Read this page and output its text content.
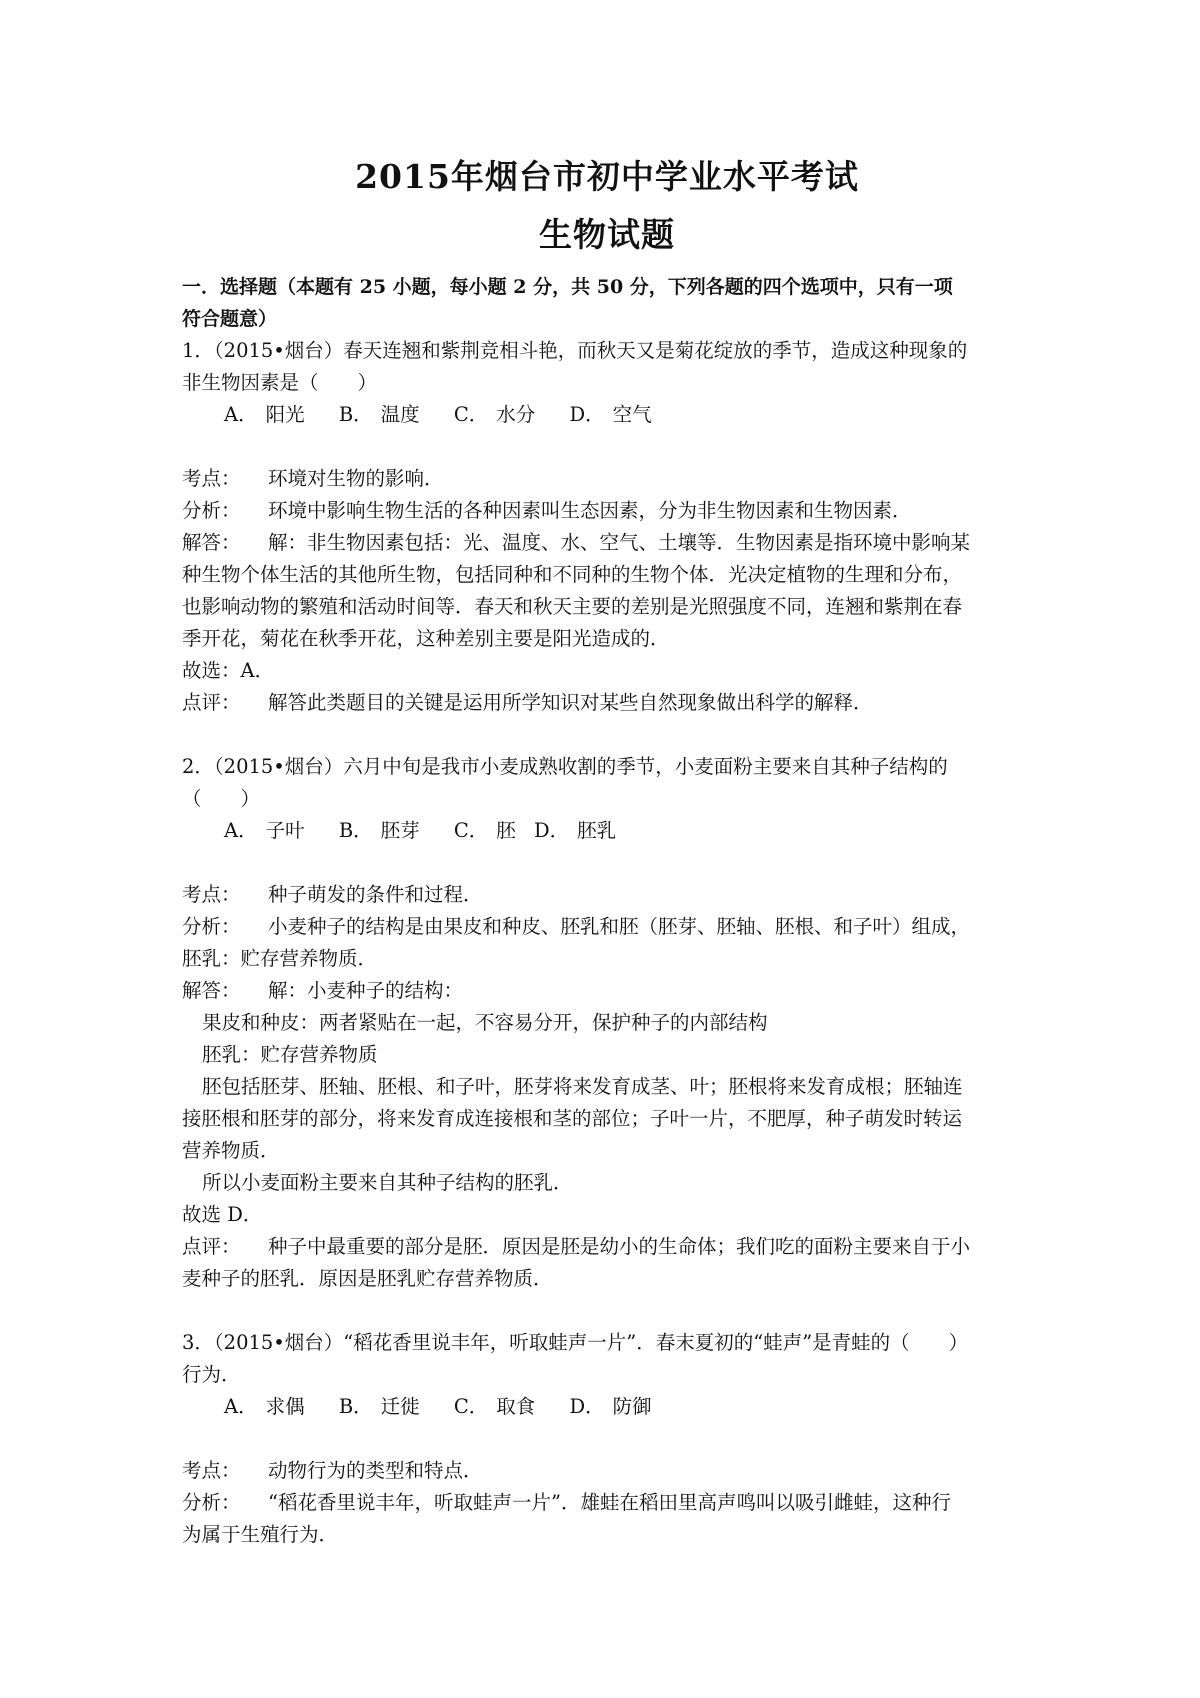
2015年烟台市初中学业水平考试
生物试题

一．选择题（本题有 25 小题，每小题 2 分，共 50 分，下列各题的四个选项中，只有一项

符合题意）

1．（2015•烟台）春天连翘和紫荆竞相斗艳，而秋天又是菊花绽放的季节，造成这种现象的

非生物因素是（　　）

A． 阳光 B． 温度 C． 水分 D． 空气

考点： 环境对生物的影响．

分析： 环境中影响生物生活的各种因素叫生态因素，分为非生物因素和生物因素．

解答： 解：非生物因素包括：光、温度、水、空气、土壤等．生物因素是指环境中影响某

种生物个体生活的其他所生物，包括同种和不同种的生物个体．光决定植物的生理和分布，

也影响动物的繁殖和活动时间等．春天和秋天主要的差别是光照强度不同，连翘和紫荆在春

季开花，菊花在秋季开花，这种差别主要是阳光造成的．

故选：A．

点评： 解答此类题目的关键是运用所学知识对某些自然现象做出科学的解释．

2．（2015•烟台）六月中旬是我市小麦成熟收割的季节，小麦面粉主要来自其种子结构的

（　　）

A． 子叶 B． 胚芽 C． 胚 D． 胚乳

考点： 种子萌发的条件和过程．

分析： 小麦种子的结构是由果皮和种皮、胚乳和胚（胚芽、胚轴、胚根、和子叶）组成，

胚乳：贮存营养物质．

解答： 解：小麦种子的结构：

果皮和种皮：两者紧贴在一起，不容易分开，保护种子的内部结构

胚乳：贮存营养物质

胚包括胚芽、胚轴、胚根、和子叶，胚芽将来发育成茎、叶；胚根将来发育成根；胚轴连

接胚根和胚芽的部分，将来发育成连接根和茎的部位；子叶一片，不肥厚，种子萌发时转运

营养物质．

所以小麦面粉主要来自其种子结构的胚乳．

故选 D．

点评： 种子中最重要的部分是胚．原因是胚是幼小的生命体；我们吃的面粉主要来自于小

麦种子的胚乳．原因是胚乳贮存营养物质．

3．（2015•烟台）“稻花香里说丰年，听取蛙声一片”．春末夏初的“蛙声”是青蛙的（　　）

行为．

A． 求偶 B． 迁徙 C． 取食 D． 防御

考点： 动物行为的类型和特点．

分析： “稻花香里说丰年，听取蛙声一片”．雄蛙在稻田里高声鸣叫以吸引雌蛙，这种行

为属于生殖行为．
